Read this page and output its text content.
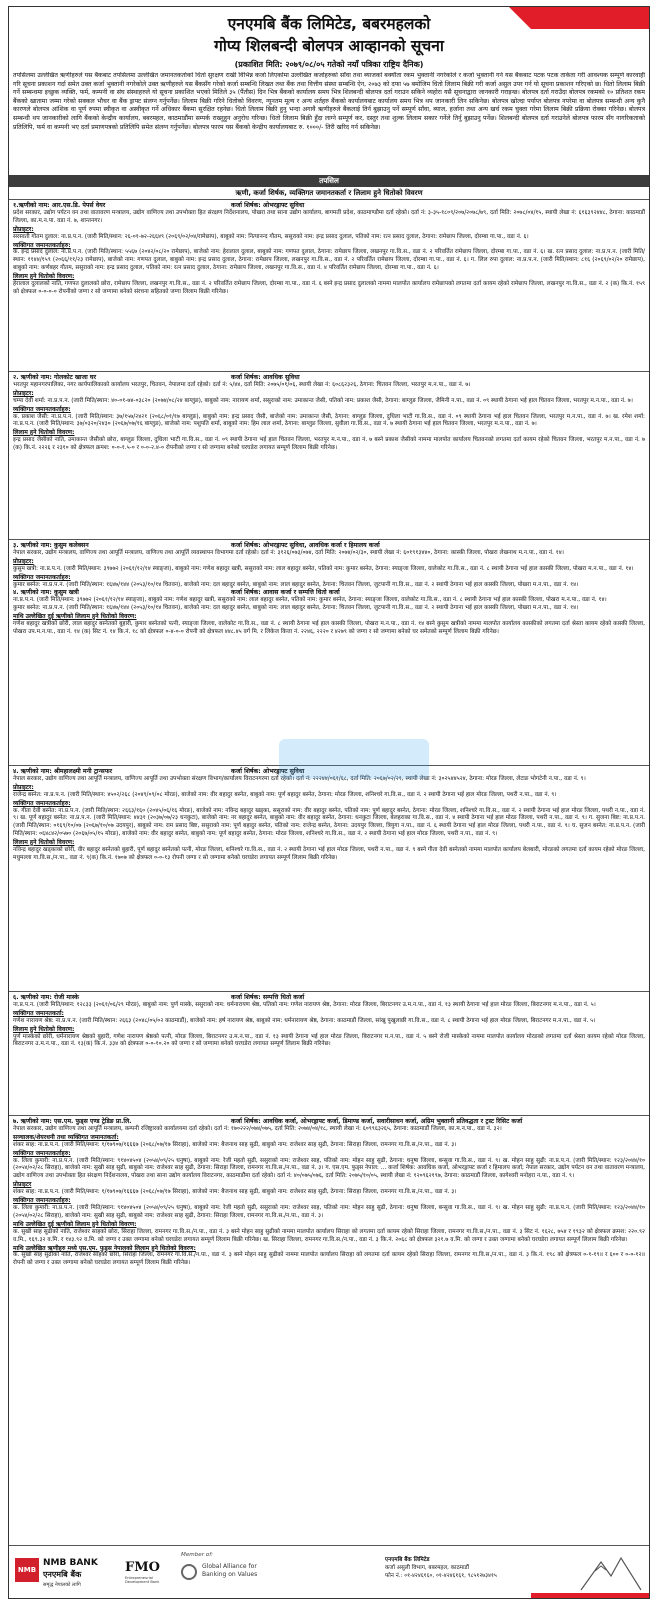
एनएमबि बैंक लिमिटेड, बबरमहलको
गोप्य शिलबन्दी बोलपत्र आव्हानको सूचना
(प्रकाशित मिति: २०७९/०८/०५ गतेको नयाँ पत्रिका राष्ट्रिय दैनिक)
तपसिलमा उल्लेखित ऋणीहरुले यस बैंकबाट तपसिलमा उल्लेखित जमानतकर्ताको धितो सुरक्षण राखी विभिन्न कर्जा लिएकोमा उल्लेखित कर्जाहरुको साँवा तथा ब्याजको बक्यौता रकम भुक्तानी नगरेकोले र कर्जा भुक्तानी गर्न यस बैंकबाट पटक पटक ताकेता गरी आवश्यक सम्पूर्ण कारवाही गरि सूचना प्रकाशन गर्दा समेत उक्त कर्जा भुक्तानी नगरेकोले उक्त ऋणीहरुले यस बैंकसँग गरेको कर्जा सम्बन्धि लिखत तथा बैंक तथा वित्तीय संस्था सम्बन्धि ऐन, २०७३ को दफा ५७ बमोजिम धितो लिलाम बिक्री गरी कर्जा असुल उपर गर्न यो सूचना प्रकाशन गरिएको छ। धितो लिलाम बिक्री गर्ने सम्बन्धमा इच्छुक व्यक्ति, फर्म, कम्पनी वा संघ संस्थाहरुले यो सूचना प्रकाशित भएको मितिले ३५ (पैंतीस) दिन भित्र बैंकको कार्यालय समय भित्र शिलबन्दी बोलपत्र दर्ता गराउन सकिने व्यहोरा यसै सूचनाद्वारा जानकारी गराइन्छ। बोलपत्र दर्ता गराउँदा बोलपत्र रकमको १० प्रतिशत रकम बैंकको खातामा जम्मा गरेको सक्कल भौचर वा बैंक ड्राफ्ट संलग्न गर्नुपर्नेछ। लिलाम बिक्री गरिने धितोको विवरण, न्यूनतम मूल्य र अन्य शर्तहरु बैंकको कार्यालयबाट कार्यालय समय भित्र थप जानकारी लिन सकिनेछ। बोलपत्र खोल्दा पर्याप्त बोलपत्र नपरेमा वा बोलपत्र सम्बन्धी अन्य कुनै कारणले बोलपत्र आंशिक वा पूर्ण रुपमा स्वीकृत वा अस्वीकृत गर्ने अधिकार बैंकमा सुरक्षित रहनेछ। धितो लिलाम बिक्री हुनु भन्दा अगावै ऋणीहरुले बैंकलाई तिर्न बुझाउनु पर्ने सम्पूर्ण साँवा, ब्याज, हर्जाना तथा अन्य खर्च रकम चुक्ता गरेमा लिलाम बिक्री प्रक्रिया रोक्का गरिनेछ। बोलपत्र सम्बन्धी थप जानकारीको लागि बैंकको केन्द्रीय कार्यालय, बबरमहल, काठमाडौंमा सम्पर्क राख्नुहुन अनुरोध गरिन्छ। धितो लिलाम बिक्री हुँदा लाग्ने सम्पूर्ण कर, दस्तुर तथा शुल्क लिलाम सकार गर्नेले तिर्नु बुझाउनु पर्नेछ। शिलबन्दी बोलपत्र दर्ता गराउनेले बोलपत्र फारम सँग नागरिकताको प्रतिलिपि, फर्म वा कम्पनी भए दर्ता प्रमाणपत्रको प्रतिलिपि समेत संलग्न गर्नुपर्नेछ। बोलपत्र फारम यस बैंकको केन्द्रीय कार्यालयबाट रु. १०००/- तिरी खरिद गर्न सकिनेछ।
तपसिल
ऋणी, कर्जा शिर्षक, व्यक्तिगत जमानतकर्ता र लिलाम हुने धितोको विवरण
१.ऋणीको नाम: आर.एस.डि. पेपर्स वेयर	कर्जा शिर्षक: ओभरड्राफ्ट सुविधा

प्रदेश सरकार, उद्योग पर्यटन वन तथा वातावरण मन्त्रालय, उद्योग वाणिज्य तथा उपभोक्ता हित संरक्षण निर्देशनालय, पोखरा तथा साना उद्योग कार्यालय, बागमती प्रदेश, काठमाण्डौमा दर्ता रहेको। दर्ता नं: ३-३५-१८०९/२०७/२०७८/७९, दर्ता मिति: २०७८/०४/१५, स्थायी लेखा नं: ६१६३९२४४८, ठेगाना: काठमाडौं जिल्ला, का.म.न.पा. वडा नं. ७, शान्तनगर।

प्रोप्राइटर:

सरस्वती गौतम दुलाल: ना.प्र.प.न. (जारी मिति/स्थान: २६-०१-७२-२६६४९ (२०६९/०२/०४/रामेछाप), बाबुको नाम: नित्यानन्द गौतम, ससुराको नाम: इन्द्र प्रसाद दुलाल, पतिको नाम: रत्न प्रसाद दुलाल, ठेगाना: रामेछाप जिल्ला, दोरम्बा गा.पा., वडा नं. ६।

व्यक्तिगत जमानतकर्ताहरु:

क. इन्द्र प्रसाद दुलाल: ना.प्र.प.न. (जारी मिति/स्थान: ५५६७ (२०४२/०८/२० रामेछाप), बाजेको नाम: हेरालाल दुलाल, बाबुको नाम: गणपत दुलाल, ठेगाना: रामेछाप जिल्ला, लखनपुर गा.वि.स., वडा नं. २ परिवर्तित रामेछाप जिल्ला, दोरम्बा गा.पा., वडा नं. ६। ख. रत्न प्रसाद दुलाल: ना.प्र.प.न. (जारी मिति/स्थान: ११४४/१५९ (२०६६/११/२३ रामेछाप), बाजेको नाम: गणपत दुलाल, बाबुको नाम: इन्द्र प्रसाद दुलाल, ठेगाना: रामेछाप जिल्ला, लखनपुर गा.वि.स., वडा नं. २ परिवर्तित रामेछाप जिल्ला, दोरम्बा गा.पा., वडा नं. ६। ग. लिल रुपा दुलाल: ना.प्र.प.न. (जारी मिति/स्थान: ८१६ (२०६९/०२/२० रामेछाप), बाबुको नाम: कर्णबहर गौतम, ससुराको नाम: इन्द्र प्रसाद दुलाल, पतिको नाम: रत्न प्रसाद दुलाल, ठेगाना: रामेछाप जिल्ला, लखनपुर गा.वि.स., वडा नं. ४ परिवर्तित रामेछाप जिल्ला, दोरम्बा गा.पा., वडा नं. ६।

लिलाम हुने धितोको विवरण:

हेरालाल दुलालको नाति, गणपत दुलालको छोरा, रामेछाप जिल्ला, लखनपुर गा.वि.स., वडा नं. २ परिवर्तित रामेछाप जिल्ला, दोरम्बा गा.पा., वडा नं. ६ बस्ने इन्द्र प्रसाद दुलालको नाममा मालपोत कार्यालय रामेछापको लगतमा दर्ता कायम रहेको रामेछाप जिल्ला, लखनपुर गा.वि.स., वडा नं. २ (क) कि.नं. १५९ को क्षेत्रफल ०-०-०-० रोपनीको जग्गा र सो जग्गामा बनेको संरचना सहितको जग्गा लिलाम बिक्री गरिनेछ।

२. ऋणीको नाम: गोलकोट खाजा घर	कर्जा शिर्षक: आवधिक सुविधा

भरतपुर महानगरपालिका, नगर कार्यपालिकाको कार्यालय भरतपुर, चितवन, नेपालमा दर्ता रहेको। दर्ता नं: ५/४४, दर्ता मिति: २०७५/०१/०६, स्थायी लेखा नं: ६०८६२३२६, ठेगाना: चितवन जिल्ला, भरतपुर म.न.पा., वडा नं. ७।

प्रोप्राइटर:

चम्पा देवी शर्मा: ना.प्र.प.न. (जारी मिति/स्थान: ४०-०१-७४-०३८२० (२०७४/०८/२४ बाग्लुङ), बाबुको नाम: नारायण शर्मा, ससुराको नाम: उमाकान्त जैसी, पतिको नाम: प्रकाश जैसी, ठेगाना: बाग्लुङ जिल्ला, जैमिनी न.पा., वडा नं. ०९ स्थायी ठेगाना भई हाल चितवन जिल्ला, भरतपुर म.न.पा., वडा नं. ७।

व्यक्तिगत जमानतकर्ताहरु:

क. प्रकाश जैसी: ना.प्र.प.न. (जारी मिति/स्थान: ३७/१५७/२४२१ (२०६८/०१/१७ बाग्लुङ), बाबुको नाम: इन्द्र प्रसाद जैसी, बाजेको नाम: उमाकान्त जैसी, ठेगाना: बाग्लुङ जिल्ला, दुधिला भाटी गा.वि.स., वडा नं. ०९ स्थायी ठेगाना भई हाल चितवन जिल्ला, भरतपुर म.न.पा., वडा नं. ७। ख. रमेश शर्मा: ना.प्र.प.न. (जारी मिति/स्थान: ३७/०३२०/२४३० (२०६७/०७/१६ बाग्लुङ), बाजेको नाम: पशुपति शर्मा, बाबुको नाम: हिम लाल शर्मा, ठेगाना: बाग्लुङ जिल्ला, सुवीला गा.वि.स., वडा नं. ७ स्थायी ठेगाना भई हाल चितवन जिल्ला, भरतपुर म.न.पा., वडा नं. ७।

लिलाम हुने धितोको विवरण:

इन्द्र प्रसाद जैसीको नाति, उमाकान्त जैसीको छोरा, बाग्लुङ जिल्ला, दुधिला भाटी गा.वि.स., वडा नं. ०९ स्थायी ठेगाना भई हाल चितवन जिल्ला, भरतपुर म.न.पा., वडा नं. ७ बस्ने प्रकाश जैसीको नाममा मालपोत कार्यालय चितवनको लगतमा दर्ता कायम रहेको चितवन जिल्ला, भरतपुर म.न.पा., वडा नं. ७ (क) कि.नं. २२२६ र २३१० को क्षेत्रफल क्रमश: ०-०-१.५-० र ०-०-२.४-० रोपनीको जग्गा र सो जग्गामा बनेको घरघडेरा लगायत सम्पूर्ण लिलाम बिक्री गरिनेछ।

३. ऋणीको नाम: कुसुम कलेक्सन	कर्जा शिर्षक: ओभरड्राफ्ट सुविधा, आवधिक कर्जा र हिमालय कर्जा

नेपाल सरकार, उद्योग मन्त्रालय, वाणिज्य तथा आपूर्ति मन्त्रालय, वाणिज्य तथा आपूर्ति व्यवस्थापन विभागमा दर्ता रहेको। दर्ता नं: ३१२६/०७३/०७४, दर्ता मिति: २०७४/०२/३०, स्थायी लेखा नं: ६०१९१३४४०, ठेगाना: कास्की जिल्ला, पोखरा लेखनाथ म.न.पा., वडा नं. १४।

प्रोप्राइटर:

कुसुम खत्री: ना.प्र.प.न. (जारी मिति/स्थान: ३९७७२ (२०६१/१२/१४ स्याङ्जा), बाबुको नाम: गणेश बहादुर खत्री, ससुराको नाम: लाल बहादुर बस्नेत, पतिको नाम: कुमार बस्नेत, ठेगाना: स्याङ्जा जिल्ला, वालेकोट गा.वि.स., वडा नं. ८ स्थायी ठेगाना भई हाल कास्की जिल्ला, पोखरा म.न.पा., वडा नं. १४।

व्यक्तिगत जमानतकर्ताहरु:

कुमार बस्नेत: ना.प्र.प.न. (जारी मिति/स्थान: १६४७/१४४ (२०५३/१०/१४ चितवन), बाजेको नाम: दल बहादुर बस्नेत, बाबुको नाम: लाल बहादुर बस्नेत, ठेगाना: चितवन जिल्ला, जुटपानी गा.वि.स., वडा नं. २ स्थायी ठेगाना भई हाल कास्की जिल्ला, पोखरा म.न.पा., वडा नं. १४।

४. ऋणीको नाम: कुसुम खत्री	कर्जा शिर्षक: आवास कर्जा र सम्पत्ति धितो कर्जा

ना.प्र.प.न. (जारी मिति/स्थान: ३९७७२ (२०६१/१२/१४ स्याङ्जा), बाबुको नाम: गणेश बहादुर खत्री, ससुराको नाम: लाल बहादुर बस्नेत, पतिको नाम: कुमार बस्नेत, ठेगाना: स्याङ्जा जिल्ला, वालेकोट गा.वि.स., वडा नं. ८ स्थायी ठेगाना भई हाल कास्की जिल्ला, पोखरा म.न.पा., वडा नं. १४।

कुमार बस्नेत: ना.प्र.प.न. (जारी मिति/स्थान: १६४७/१४४ (२०५३/१०/१४ चितवन), बाजेको नाम: दल बहादुर बस्नेत, बाबुको नाम: लाल बहादुर बस्नेत, ठेगाना: चितवन जिल्ला, जुटपानी गा.वि.स., वडा नं. २ स्थायी ठेगाना भई हाल कास्की जिल्ला, पोखरा म.न.पा., वडा नं. १४।

माथि उल्लेखित दुई ऋणीको लिलाम हुने धितोको विवरण:

गणेश बहादुर खत्रीको छोरी, लाल बहादुर बस्नेतको बुहारी, कुमार बस्नेतको पत्नी, स्याङ्जा जिल्ला, वालेकोट गा.वि.स., वडा नं. ८ स्थायी ठेगाना भई हाल कास्की जिल्ला, पोखरा म.न.पा., वडा नं. १४ बस्ने कुसुम खत्रीको नाममा मालपोत कार्यालय कास्कीको लगतमा दर्ता श्रेस्ता कायम रहेको कास्की जिल्ला, पोखरा उप.म.न.पा., वडा नं. १४ (क) सिट नं. १४ कि.नं. १८ को क्षेत्रफल ०-४-०-० रोपनी को क्षेत्रफल ४४८.४५ वर्ग मि. र लिकेज कित्ता नं. २२४६, २२२० र ४२७९ को जग्गा र सो जग्गामा बनेको घर समेतको सम्पूर्ण लिलाम बिक्री गरिनेछ।

४. ऋणीको नाम: श्रीमहालक्ष्मी मनी ट्रान्सफर	कर्जा शिर्षक: ओभरड्राफ्ट सुविधा

नेपाल सरकार, उद्योग वाणिज्य तथा आपूर्ति मन्त्रालय, वाणिज्य आपूर्ति तथा उपभोक्ता संरक्षण विभाग/कार्यालय विराटनगरमा दर्ता रहेको। दर्ता नं: २२२४४/०६१/६८, दर्ता मिति: २०६७/०२/२१, स्थायी लेखा नं: ३०२५४४५२४, ठेगाना: मोरङ जिल्ला, लेटाङ भोगटेनी न.पा., वडा नं. ९।

प्रोप्राइटर:

राजेन्द्र बस्नेत: ना.प्र.प.न. (जारी मिति/स्थान: ४५०२/२६८ (२०४९/०९/०८ मोरङ), बाजेको नाम: वीर बहादुर बस्नेत, बाबुको नाम: पूर्ण बहादुर बस्नेत, ठेगाना: मोरङ जिल्ला, शनिश्चरे गा.वि.स., वडा नं. २ स्थायी ठेगाना भई हाल मोरङ जिल्ला, पथरी न.पा., वडा नं. ९।

व्यक्तिगत जमानतकर्ताहरु:

क. गीता देवी बस्नेत: ना.प्र.प.न. (जारी मिति/स्थान: २६६३/१६० (२०४५/०६/१६ मोरङ), बाजेको नाम: नविन्द्र बहादुर खड्का, ससुराको नाम: वीर बहादुर बस्नेत, पतिको नाम: पूर्ण बहादुर बस्नेत, ठेगाना: मोरङ जिल्ला, शनिश्चरे गा.वि.स., वडा नं. २ स्थायी ठेगाना भई हाल मोरङ जिल्ला, पथरी न.पा., वडा नं. ९। ख. पूर्ण बहादुर बस्नेत: ना.प्र.प.न. (जारी मिति/स्थान: ४४३१ (२०३७/०७/२३ धनकुटा), बाजेको नाम: नर बहादुर बस्नेत, बाबुको नाम: वीर बहादुर बस्नेत, ठेगाना: धनकुटा जिल्ला, बेलहराका गा.वि.स., वडा नं. ४ स्थायी ठेगाना भई हाल मोरङ जिल्ला, पथरी न.पा., वडा नं. ९। ग. सुजना बिष्ट: ना.प्र.प.न. (जारी मिति/स्थान: ०१६९/१०/०७ (२०६७/१०/०७ उदयपुर), बाबुको नाम: राम प्रसाद बिष्ट, ससुराको नाम: पूर्ण बहादुर बस्नेत, पतिको नाम: राजेन्द्र बस्नेत, ठेगाना: उदयपुर जिल्ला, त्रियुगा न.पा., वडा नं. ६ स्थायी ठेगाना भई हाल मोरङ जिल्ला, पथरी न.पा., वडा नं. ९। घ. सुजन बस्नेत: ना.प्र.प.न. (जारी मिति/स्थान: ०६४८४२/०५७० (२०६७/०५/१५ मोरङ), बाजेको नाम: वीर बहादुर बस्नेत, बाबुको नाम: पूर्ण बहादुर बस्नेत, ठेगाना: मोरङ जिल्ला, शनिश्चरे गा.वि.स., वडा नं. २ स्थायी ठेगाना भई हाल मोरङ जिल्ला, पथरी न.पा., वडा नं. ९।

लिलाम हुने धितोको विवरण:

नविन्द्र बहादुर खड्काको छोरी, वीर बहादुर बस्नेतको बुहारी, पूर्ण बहादुर बस्नेतको पत्नी, मोरङ जिल्ला, शनिश्चरे गा.वि.स., वडा नं. २ स्थायी ठेगाना भई हाल मोरङ जिल्ला, पथरी न.पा., वडा नं. ९ बस्ने गीता देवी बस्नेतको नाममा मालपोत कार्यालय बेलबारी, मोरङको लगतमा दर्ता कायम रहेको मोरङ जिल्ला, मधुमल्ला गा.वि.स./न.पा., वडा नं. ९(क) कि.नं. १७०७ को क्षेत्रफल ०-०-१३ रोपनी जग्गा र सो जग्गामा बनेको घरघडेरा लगायत सम्पूर्ण लिलाम बिक्री गरिनेछ।

६. ऋणीको नाम: रोजी मास्के	कर्जा शिर्षक: सम्पत्ति धितो कर्जा

ना.प्र.प.न. (जारी मिति/स्थान: १२८३३ (२०६१/०६/२९ मोरङ), बाबुको नाम: पुर्ण मास्के, ससुराको नाम: धर्मनारायण श्रेष्ठ, पतिको नाम: गणेश नारायण श्रेष्ठ, ठेगाना: मोरङ जिल्ला, बिराटनगर उ.म.न.पा., वडा नं. १३ स्थायी ठेगाना भई हाल मोरङ जिल्ला, बिराटनगर म.न.पा., वडा नं. ५।

व्यक्तिगत जमानतकर्ता:

गणेश नारायण श्रेष्ठ: ना.प्र.प.न. (जारी मिति/स्थान: २६६३ (२०४८/०५/०२ काठमाडौं), बाजेको नाम: हर्ष नारायण श्रेष्ठ, बाबुको नाम: धर्मनारायण श्रेष्ठ, ठेगाना: काठमाडौं जिल्ला, सांखु पुखुलाछी गा.वि.स., वडा नं. ८ स्थायी ठेगाना भई हाल मोरङ जिल्ला, बिराटनगर म.न.पा., वडा नं. ५।

लिलाम हुने धितोको विवरण:

पुर्ण मास्केको छोरी, धर्मनारायण श्रेष्ठको बुहारी, गणेश नारायण श्रेष्ठको पत्नी, मोरङ जिल्ला, बिराटनगर उ.म.न.पा., वडा नं. १३ स्थायी ठेगाना भई हाल मोरङ जिल्ला, बिराटनगर म.न.पा., वडा नं. ५ बस्ने रोजी मास्केको नाममा मालपोत कार्यालय मोरङको लगतमा दर्ता श्रेस्ता कायम रहेको मोरङ जिल्ला, बिराटनगर उ.म.न.पा., वडा नं. १३(क) कि.नं. ३३४ को क्षेत्रफल ०-०-१०.२० को जग्गा र सो जग्गामा बनेको घरघडेरा लगायत सम्पूर्ण लिलाम बिक्री गरिनेछ।

७. ऋणीको नाम: एस.एम. फुड्स एण्ड ट्रेडिङ प्रा.लि.	कर्जा शिर्षक: आवधिक कर्जा, ओभरड्राफ्ट कर्जा, डिमाण्ड कर्जा, सवारीसाधन कर्जा, अग्रिम भुक्तानी प्रतिवद्धता र ट्रस्ट रिसिट कर्जा

नेपाल सरकार, उद्योग वाणिज्य तथा आपूर्ति मन्त्रालय, कम्पनी रजिष्ट्रारको कार्यालयमा दर्ता रहेको। दर्ता नं: १७०२२२/०७४/०७५, दर्ता मिति: २०७४/०४/१८, स्थायी लेखा नं: ६०९९६३२६५, ठेगाना: काठमाडौं जिल्ला, का.म.न.पा., वडा नं. ३२।

सञ्चालक/शेयरधनी तथा व्यक्तिगत जमानतकर्ता:

शंकर साह: ना.प्र.प.न. (जारी मिति/स्थान: १/१७९०७/१६६६७ (२०६८/०७/१७ सिराहा), बाजेको नाम: बैजनाथ साह सुढी, बाबुको नाम: राजेश्वर साह सुढी, ठेगाना: सिराहा जिल्ला, रामनगर गा.वि.स./न.पा., वडा नं. ३।

व्यक्तिगत जमानतकर्ताहरु:

क. लिला कुमारी: ना.प्र.प.न. (जारी मिति/स्थान: ९१४०४५०४ (२०५४/०९/२५ धनुषा), बाबुको नाम: रेजी महतो सुढी, ससुराको नाम: राजेश्वर साह, पतिको नाम: मोहन साहु सुढी, ठेगाना: धनुषा जिल्ला, बन्सुवा गा.वि.स., वडा नं. ९। ख. मोहन साहु सुढी: ना.प्र.प.न. (जारी मिति/स्थान: १२३/२०४४/१० (२०५४/०२/२८ सिराहा), बाजेको नाम: सुखी साह सुढी, बाबुको नाम: राजेश्वर साह सुढी, ठेगाना: सिराहा जिल्ला, रामनगर गा.वि.स./न.पा., वडा नं. ३। ग. एस.एम. फुड्स नेपाल: ... कर्जा शिर्षक: आवधिक कर्जा, ओभरड्राफ्ट कर्जा र हिमालय कर्जा; नेपाल सरकार, उद्योग पर्यटन वन तथा वातावरण मन्त्रालय, उद्योग वाणिज्य तथा उपभोक्ता हित संरक्षण निर्देशनालय, पोखरा तथा साना उद्योग कार्यालय विराटनगर, काठमाडौंमा दर्ता रहेको। दर्ता नं: ४०/०७५/०७६, दर्ता मिति: २०७५/१०/०५, स्थायी लेखा नं: १२०९६२१९७, ठेगाना: काठमाडौं जिल्ला, कागेश्वरी मनोहरा न.पा., वडा नं. ९।

प्रोप्राइटर

शंकर साह: ना.प्र.प.न. (जारी मिति/स्थान: १/१७९०७/१६६६७ (२०६८/०७/१७ सिराहा), बाजेको नाम: बैजनाथ साह सुढी, बाबुको नाम: राजेश्वर साह सुढी, ठेगाना: सिराहा जिल्ला, रामनगर गा.वि.स./न.पा., वडा नं. ३।

व्यक्तिगत जमानतकर्ताहरु:

क. लिला कुमारी: ना.प्र.प.न. (जारी मिति/स्थान: ९१४०४५०४ (२०५४/०९/२५ धनुषा), बाबुको नाम: रेजी महतो सुढी, ससुराको नाम: राजेश्वर साह, पतिको नाम: मोहन साहु सुढी, ठेगाना: धनुषा जिल्ला, बन्सुवा गा.वि.स., वडा नं. ९। ख. मोहन साहु सुढी: ना.प्र.प.न. (जारी मिति/स्थान: १२३/२०४४/१० (२०५४/०२/२८ सिराहा), बाजेको नाम: सुखी साह सुढी, बाबुको नाम: राजेश्वर साह सुढी, ठेगाना: सिराहा जिल्ला, रामनगर गा.वि.स./न.पा., वडा नं. ३।

माथि उल्लेखित दुई ऋणीको लिलाम हुने धितोको विवरण:

क. सुखी साह सुढीको नाति, राजेश्वर साहको छोरा, सिराहा जिल्ला, रामनगर गा.वि.स./न.पा., वडा नं. ३ बस्ने मोहन साहु सुढीको नाममा मालपोत कार्यालय सिराहा को लगतमा दर्ता कायम रहेको सिराहा जिल्ला, रामनगर गा.वि.स./न.पा., वडा नं. ३ सिट नं. १६२८, ७५४ र १९३२ को क्षेत्रफल क्रमश: २२०.९२ व.मि., १६९.३२ व.मि. र १४३.९२ व.मि. को जग्गा र उक्त जग्गामा बनेको घरघडेरा लगायत सम्पूर्ण लिलाम बिक्री गरिनेछ। ख. सिराहा जिल्ला, रामनगर गा.वि.स./न.पा., वडा नं. ३ कि.नं. २०६८ को क्षेत्रफल ३२१.७ व.मि. को जग्गा र उक्त जग्गामा बनेको घरघडेरा लगायत सम्पूर्ण लिलाम बिक्री गरिनेछ।

माथि उल्लेखित ऋणीहरु मध्ये एस.एम. फुड्स नेपालको लिलाम हुने धितोको विवरण:

क. सुखी साह सुढीको नाति, राजेश्वर साहको छोरा, सिराहा जिल्ला, रामनगर गा.वि.स./न.पा., वडा नं. ३ बस्ने मोहन साहु सुढीको नाममा मालपोत कार्यालय सिराहा को लगतमा दर्ता कायम रहेको सिराहा जिल्ला, रामनगर गा.वि.स./न.पा., वडा नं. ३ कि.नं. १९८ को क्षेत्रफल ०-१-१९॥ र ६०० र ०-०-१२॥ रोपनी को जग्गा र उक्त जग्गामा बनेको घरघडेरा लगायत सम्पूर्ण लिलाम बिक्री गरिनेछ।

NMB
NMB BANK
एनएमबि बैंक
समृद्ध नेपालको लागि
FMO
Entrepreneurial Development Bank
Member of:
Global Alliance for
Banking on Values
एनएमबि बैंक लिमिटेड
कर्जा असुली विभाग, बबरमहल, काठमाडौं
फोन नं.: ०१-४२४६१६०, ०१-४२४६१६१, ९८५१२७३४१५
